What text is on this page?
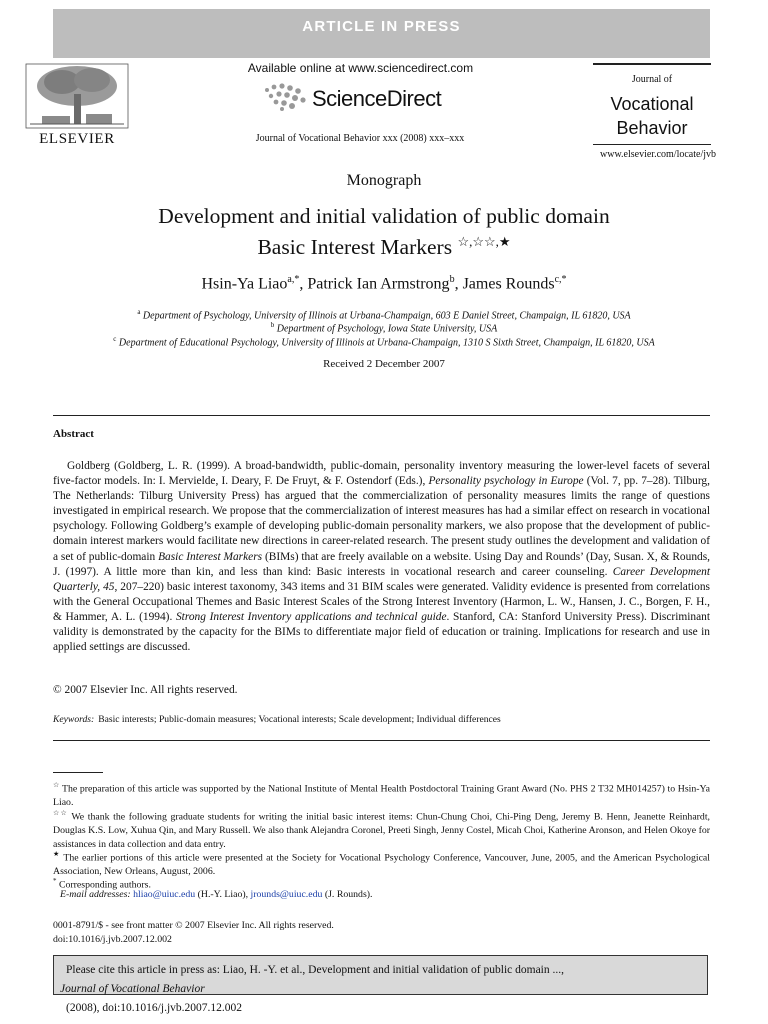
ARTICLE IN PRESS
ELSEVIER
Available online at www.sciencedirect.com
ScienceDirect
Journal of Vocational Behavior xxx (2008) xxx–xxx
Journal of
Vocational
Behavior
www.elsevier.com/locate/jvb
Monograph
Development and initial validation of public domain
Basic Interest Markers ☆,☆☆,★
Hsin-Ya Liao$^{a,*}$, Patrick Ian Armstrong$^b$, James Rounds$^{c,*}$
$^a$ Department of Psychology, University of Illinois at Urbana-Champaign, 603 E Daniel Street, Champaign, IL 61820, USA
$^b$ Department of Psychology, Iowa State University, USA
$^c$ Department of Educational Psychology, University of Illinois at Urbana-Champaign, 1310 S Sixth Street, Champaign, IL 61820, USA
Received 2 December 2007
Abstract
Goldberg (Goldberg, L. R. (1999). A broad-bandwidth, public-domain, personality inventory measuring the lower-level facets of several five-factor models. In: I. Mervielde, I. Deary, F. De Fruyt, & F. Ostendorf (Eds.), Personality psychology in Europe (Vol. 7, pp. 7–28). Tilburg, The Netherlands: Tilburg University Press) has argued that the commercialization of personality measures limits the range of questions investigated in empirical research. We propose that the commercialization of interest measures has had a similar effect on research in vocational psychology. Following Goldberg’s example of developing public-domain personality markers, we also propose that the development of public-domain interest markers would facilitate new directions in career-related research. The present study outlines the development and validation of a set of public-domain Basic Interest Markers (BIMs) that are freely available on a website. Using Day and Rounds’ (Day, Susan. X, & Rounds, J. (1997). A little more than kin, and less than kind: Basic interests in vocational research and career counseling. Career Development Quarterly, 45, 207–220) basic interest taxonomy, 343 items and 31 BIM scales were generated. Validity evidence is presented from correlations with the General Occupational Themes and Basic Interest Scales of the Strong Interest Inventory (Harmon, L. W., Hansen, J. C., Borgen, F. H., & Hammer, A. L. (1994). Strong Interest Inventory applications and technical guide. Stanford, CA: Stanford University Press). Discriminant validity is demonstrated by the capacity for the BIMs to differentiate major field of education or training. Implications for research and use in applied settings are discussed.
© 2007 Elsevier Inc. All rights reserved.
Keywords: Basic interests; Public-domain measures; Vocational interests; Scale development; Individual differences
☆ The preparation of this article was supported by the National Institute of Mental Health Postdoctoral Training Grant Award (No. PHS 2 T32 MH014257) to Hsin-Ya Liao.
☆☆ We thank the following graduate students for writing the initial basic interest items: Chun-Chung Choi, Chi-Ping Deng, Jeremy B. Henn, Jeanette Reinhardt, Douglas K.S. Low, Xuhua Qin, and Mary Russell. We also thank Alejandra Coronel, Preeti Singh, Jenny Costel, Micah Choi, Katherine Aronson, and Helen Okoye for assistances in data collection and data entry.
★ The earlier portions of this article were presented at the Society for Vocational Psychology Conference, Vancouver, June, 2005, and the American Psychological Association, New Orleans, August, 2006.
* Corresponding authors.
E-mail addresses: hliao@uiuc.edu (H.-Y. Liao), jrounds@uiuc.edu (J. Rounds).
0001-8791/$ - see front matter © 2007 Elsevier Inc. All rights reserved.
doi:10.1016/j.jvb.2007.12.002
Please cite this article in press as: Liao, H. -Y. et al., Development and initial validation of public domain ...,
Journal of Vocational Behavior
(2008), doi:10.1016/j.jvb.2007.12.002
